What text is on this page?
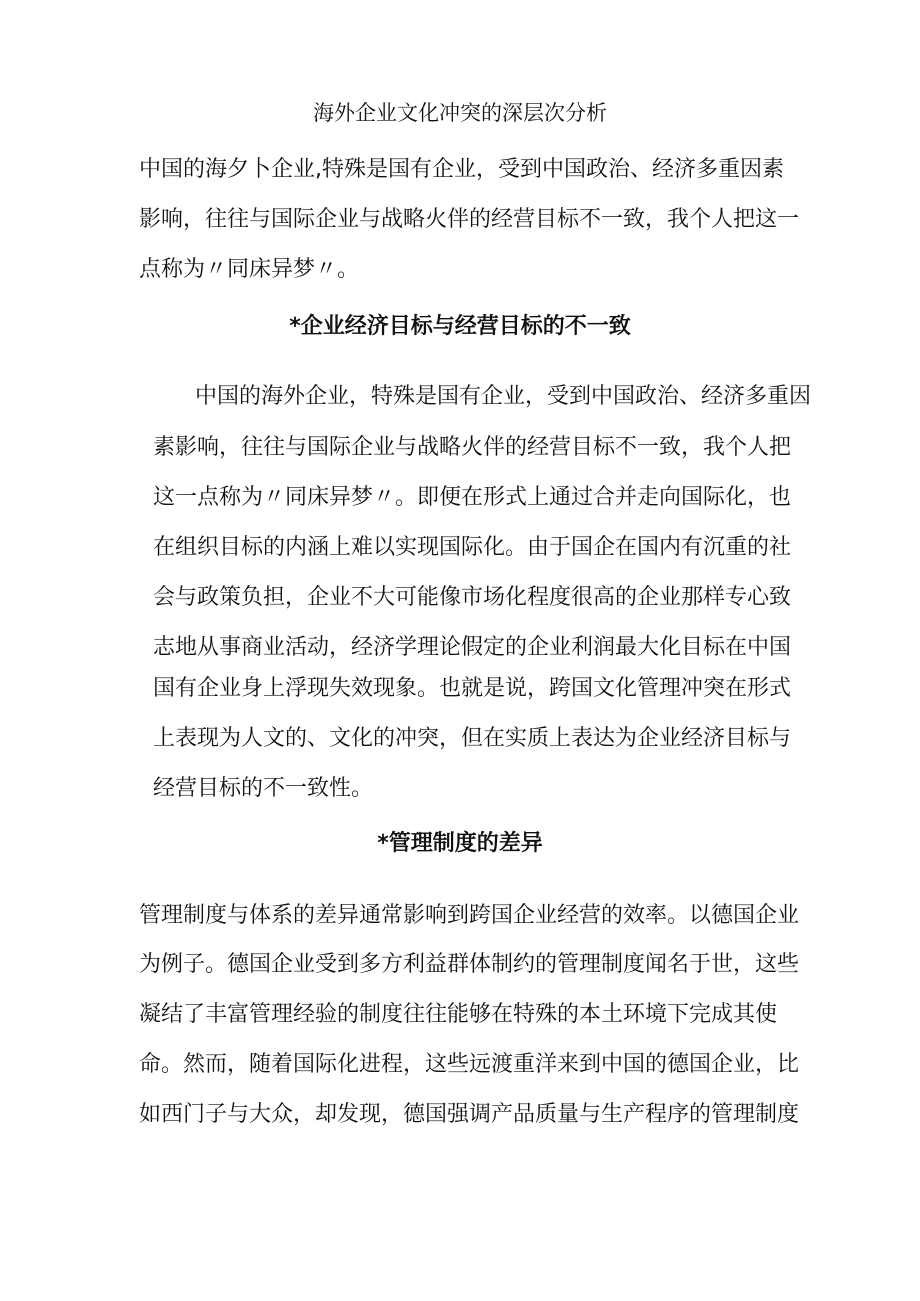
海外企业文化冲突的深层次分析
中国的海夕卜企业,特殊是国有企业，受到中国政治、经济多重因素
影响，往往与国际企业与战略火伴的经营目标不一致，我个人把这一
点称为〃同床异梦〃。
*企业经济目标与经营目标的不一致
中国的海外企业，特殊是国有企业，受到中国政治、经济多重因
素影响，往往与国际企业与战略火伴的经营目标不一致，我个人把
这一点称为〃同床异梦〃。即便在形式上通过合并走向国际化，也
在组织目标的内涵上难以实现国际化。由于国企在国内有沉重的社
会与政策负担，企业不大可能像市场化程度很高的企业那样专心致
志地从事商业活动，经济学理论假定的企业利润最大化目标在中国
国有企业身上浮现失效现象。也就是说，跨国文化管理冲突在形式
上表现为人文的、文化的冲突，但在实质上表达为企业经济目标与
经营目标的不一致性。
*管理制度的差异
管理制度与体系的差异通常影响到跨国企业经营的效率。以德国企业
为例子。德国企业受到多方利益群体制约的管理制度闻名于世，这些
凝结了丰富管理经验的制度往往能够在特殊的本土环境下完成其使
命。然而，随着国际化进程，这些远渡重洋来到中国的德国企业，比
如西门子与大众，却发现，德国强调产品质量与生产程序的管理制度
